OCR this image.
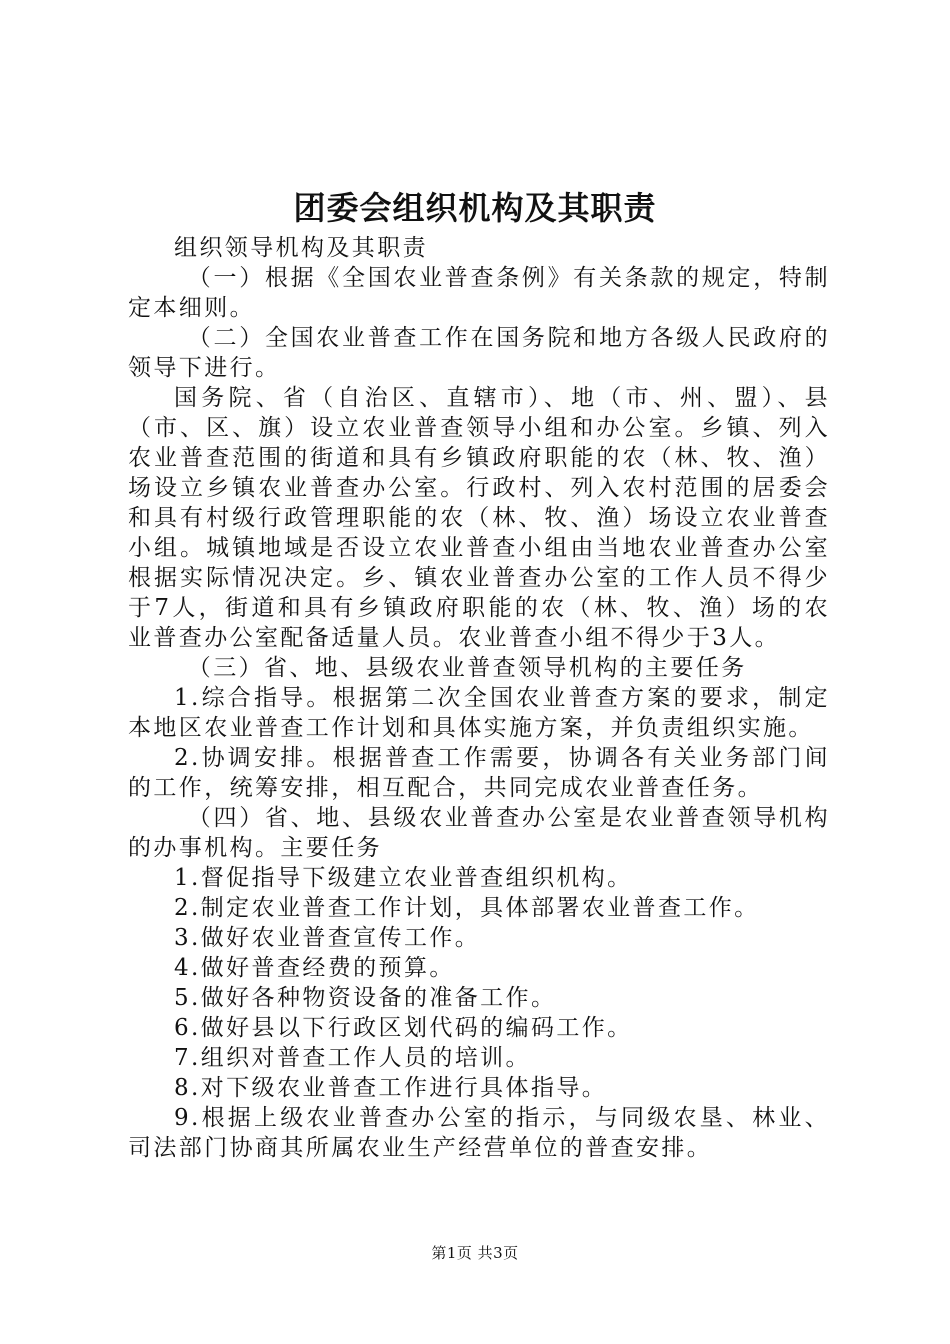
团委会组织机构及其职责

组织领导机构及其职责

（一）根据《全国农业普查条例》有关条款的规定，特制定本细则。

（二）全国农业普查工作在国务院和地方各级人民政府的领导下进行。

国务院、省（自治区、直辖市）、地（市、州、盟）、县（市、区、旗）设立农业普查领导小组和办公室。乡镇、列入农业普查范围的街道和具有乡镇政府职能的农（林、牧、渔）场设立乡镇农业普查办公室。行政村、列入农村范围的居委会和具有村级行政管理职能的农（林、牧、渔）场设立农业普查小组。城镇地域是否设立农业普查小组由当地农业普查办公室根据实际情况决定。乡、镇农业普查办公室的工作人员不得少于7人，街道和具有乡镇政府职能的农（林、牧、渔）场的农业普查办公室配备适量人员。农业普查小组不得少于3人。

（三）省、地、县级农业普查领导机构的主要任务

1.综合指导。根据第二次全国农业普查方案的要求，制定本地区农业普查工作计划和具体实施方案，并负责组织实施。

2.协调安排。根据普查工作需要，协调各有关业务部门间的工作，统筹安排，相互配合，共同完成农业普查任务。

（四）省、地、县级农业普查办公室是农业普查领导机构的办事机构。主要任务

1.督促指导下级建立农业普查组织机构。

2.制定农业普查工作计划，具体部署农业普查工作。

3.做好农业普查宣传工作。

4.做好普查经费的预算。

5.做好各种物资设备的准备工作。

6.做好县以下行政区划代码的编码工作。

7.组织对普查工作人员的培训。

8.对下级农业普查工作进行具体指导。

9.根据上级农业普查办公室的指示，与同级农垦、林业、司法部门协商其所属农业生产经营单位的普查安排。

第1页 共3页
